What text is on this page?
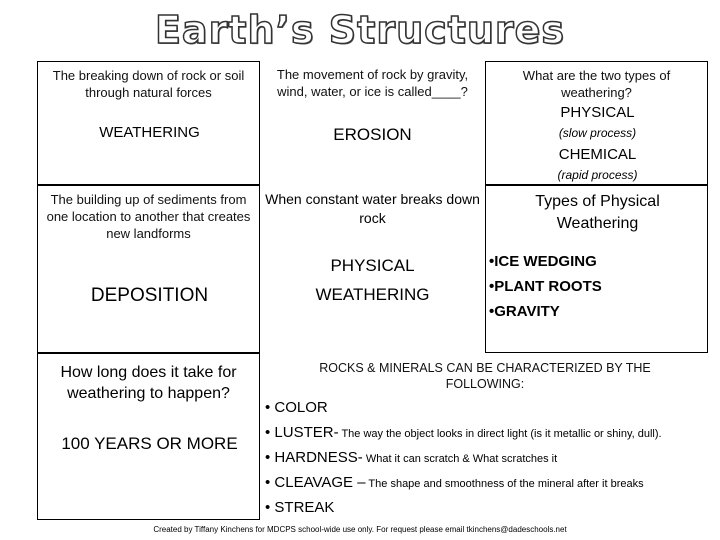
Earth’s Structures
The breaking down of rock or soil through natural forces
WEATHERING
The movement of rock by gravity, wind, water, or ice is called____?
EROSION
What are the two types of weathering?
PHYSICAL
(slow process)
CHEMICAL
(rapid process)
The building up of sediments from one location to another that creates new landforms
DEPOSITION
When constant water breaks down rock
PHYSICAL WEATHERING
Types of Physical Weathering
•ICE WEDGING
•PLANT ROOTS
•GRAVITY
How long does it take for weathering to happen?
100 YEARS OR MORE
ROCKS & MINERALS CAN BE CHARACTERIZED BY THE FOLLOWING:
• COLOR
• LUSTER- The way the object looks in direct light (is it metallic or shiny, dull).
• HARDNESS- What it can scratch & What scratches it
• CLEAVAGE – The shape and smoothness of the mineral after it breaks
• STREAK
Created by Tiffany Kinchens for MDCPS school-wide use only. For request please email tkinchens@dadeschools.net
